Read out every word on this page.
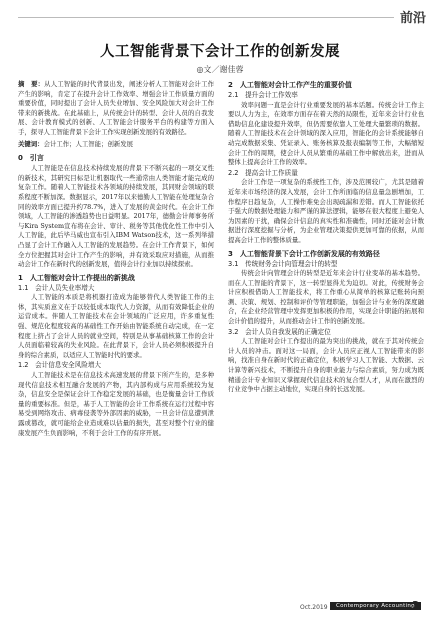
前沿
人工智能背景下会计工作的创新发展
◎文／谢佳蓉
摘　要：从人工智能的时代背景出发，阐述分析人工智能对会计工作产生的影响，肯定了在提升会计工作效率、增强会计工作质量方面的重要价值，同时提出了会计人员失业增加、安全风险加大对会计工作带来的新挑战。在此基础上，从传统会计的转型、会计人员的自我发展、会计教育模式的创新、人工智能会计服务平台的构建等方面入手，探寻人工智能背景下会计工作实现创新发展的有效路径。
关键词：会计工作；人工智能；创新发展
0　引言

人工智能是在信息技术持续发展的背景下不断兴起的一项交叉性的新技术，其研究目标是让机器取代一些通常由人类智能才能完成的复杂工作。随着人工智能技术各领域的持续发展，其同财会领域的联系程度不断加深。数据显示，2017年以来德勤人工智能在处理复杂合同的效率方面已提升约78.7%，进入了发展的黄金时代。在会计工作领域，人工智能的渗透趋势也日益明显。2017年，德勤会计师事务所与Kira System宣布将在会计、审计、税务等其他优化性工作中引入人工智能，此后毕马威也宣布引入IBM Watson技术，这一系列举措凸显了会计工作融入人工智能的发展趋势。在会计工作背景下，如何全方位把握其对会计工作产生的影响，并有效采取应对措施，从而推动会计工作在新时代的创新发展，值得会计行业加以持续探索。

1　人工智能对会计工作提出的新挑战
1.1　会计人员失业率增大

人工智能的本质是将机器打造成为能够替代人类智能工作的主体，其实质意义在于以较低成本取代人力资源，从而有效降低企业的运营成本。伴随人工智能技术在会计领域的广泛应用，许多重复性强、规范化程度较高的基础性工作开始由智能系统自动完成，在一定程度上挤占了会计人员的就业空间，特别是从事基础核算工作的会计人员面临着较高的失业风险。在此背景下，会计人员必须积极提升自身的综合素质，以适应人工智能时代的要求。

1.2　会计信息安全风险增大

人工智能技术是在信息技术高速发展的背景下所产生的，是多种现代信息技术相互融合发展的产物，其内部构成与应用系统较为复杂，信息安全是保证会计工作稳定发展的基础，也是衡量会计工作质量的重要标准。但是，基于人工智能的会计工作系统在运行过程中容易受到网络攻击、病毒侵袭等外部因素的威胁，一旦会计信息遭到泄露或篡改，就可能给企业造成难以估量的损失，甚至对整个行业的健康发展产生负面影响，不利于会计工作的有序开展。

2　人工智能对会计工作产生的重要价值
2.1　提升会计工作效率

效率问题一直是会计行业重要发展的基本话题。传统会计工作主要以人力为主，在效率方面存在着天然的局限性，近年来会计行业也借助信息化建设提升效率，但仍需要依靠人工处理大量繁琐的数据。随着人工智能技术在会计领域的深入应用，智能化的会计系统能够自动完成数据采集、凭证录入、账务核算及报表编制等工作，大幅缩短会计工作的周期，使会计人员从繁重的基础工作中解放出来，进而从整体上提高会计工作的效率。

2.2　提高会计工作质量

会计工作是一项复杂的系统性工作，涉及范围较广，尤其是随着近年来市场经济的深入发展，会计工作所面临的信息量急剧增加，工作程序日趋复杂，人工操作难免会出现疏漏和差错。而人工智能依托于强大的数据处理能力和严谨的算法逻辑，能够在很大程度上避免人为因素的干扰，确保会计信息的真实性和准确性，同时还能对会计数据进行深度挖掘与分析，为企业管理决策提供更加可靠的依据，从而提高会计工作的整体质量。

3　人工智能背景下会计工作创新发展的有效路径
3.1　传统财务会计向管理会计的转型

传统会计向管理会计的转型是近年来会计行业变革的基本趋势。而在人工智能的背景下，这一转型显得尤为迫切。对此，传统财务会计应积极借助人工智能技术，将工作重心从简单的核算记账转向预测、决策、规划、控制和评价等管理职能，加强会计与业务的深度融合，在企业经营管理中发挥更加积极的作用，实现会计职能的拓展和会计价值的提升，从而推动会计工作的创新发展。

3.2　会计人员自我发展的正确定位

人工智能对会计工作提出的最为突出的挑战，就在于其对传统会计人员的冲击。面对这一局面，会计人员应正视人工智能带来的影响，找准自身在新时代的正确定位，积极学习人工智能、大数据、云计算等新兴技术，不断提升自身的职业能力与综合素质，努力成为既精通会计专业知识又掌握现代信息技术的复合型人才，从而在激烈的行业竞争中占据主动地位，实现自身的长远发展。

Oct.2019	Contemporary Accounting
3
